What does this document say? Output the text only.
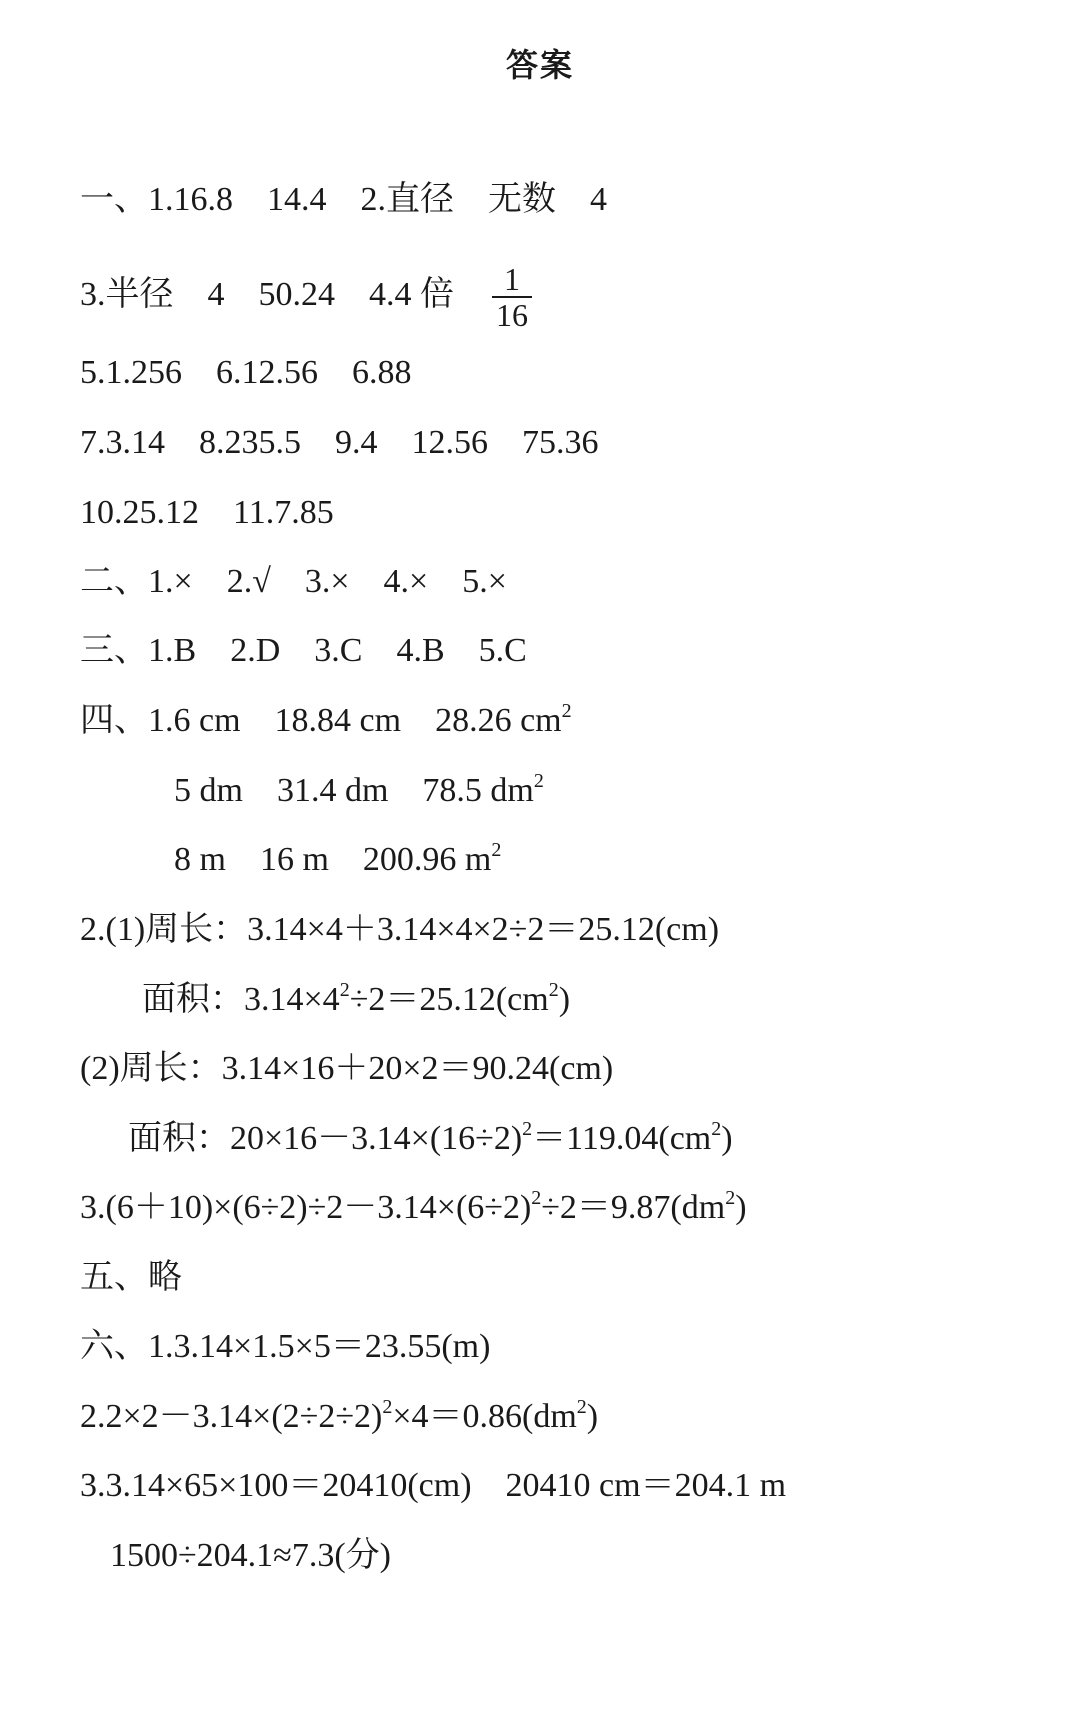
答案

一、1.16.8 14.4 2.直径 无数 4

3.半径 4 50.24 4.4 倍 $\frac{1}{16}$

5.1.256 6.12.56 6.88

7.3.14 8.235.5 9.4 12.56 75.36

10.25.12 11.7.85

二、1.× 2.√ 3.× 4.× 5.×

三、1.B 2.D 3.C 4.B 5.C

四、1.6 cm 18.84 cm 28.26 $cm^2$

5 dm 31.4 dm 78.5 $dm^2$

8 m 16 m 200.96 $m^2$

2.(1)周长：3.14×4＋3.14×4×2÷2＝25.12(cm)

面积：$3.14\times 4^2\div 2=25.12(cm^2)$

(2)周长：3.14×16＋20×2＝90.24(cm)

面积：$20\times 16-3.14\times(16\div 2)^2=119.04(cm^2)$

$3.(6+10)\times(6\div 2)\div 2-3.14\times(6\div 2)^2\div 2=9.87(dm^2)$

五、略

六、1.3.14×1.5×5＝23.55(m)

$2.2\times 2-3.14\times(2\div 2\div 2)^2\times 4=0.86(dm^2)$

3.3.14×65×100＝20410(cm) 20410 cm＝204.1 m

1500÷204.1≈7.3(分)
